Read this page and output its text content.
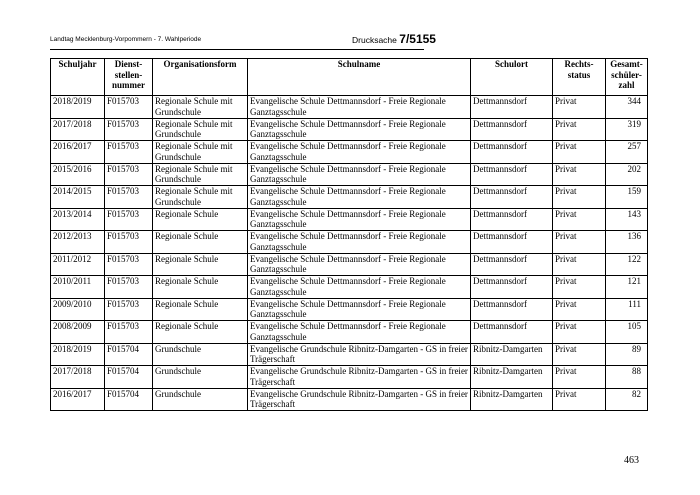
Landtag Mecklenburg-Vorpommern - 7. Wahlperiode	Drucksache 7/5155
Schuljahr	Dienst-stellen-nummer	Organisationsform	Schulname	Schulort	Rechts-status	Gesamt-schüler-zahl
2018/2019	F015703	Regionale Schule mit Grundschule	Evangelische Schule Dettmannsdorf - Freie Regionale Ganztagsschule	Dettmannsdorf	Privat	344
2017/2018	F015703	Regionale Schule mit Grundschule	Evangelische Schule Dettmannsdorf - Freie Regionale Ganztagsschule	Dettmannsdorf	Privat	319
2016/2017	F015703	Regionale Schule mit Grundschule	Evangelische Schule Dettmannsdorf - Freie Regionale Ganztagsschule	Dettmannsdorf	Privat	257
2015/2016	F015703	Regionale Schule mit Grundschule	Evangelische Schule Dettmannsdorf - Freie Regionale Ganztagsschule	Dettmannsdorf	Privat	202
2014/2015	F015703	Regionale Schule mit Grundschule	Evangelische Schule Dettmannsdorf - Freie Regionale Ganztagsschule	Dettmannsdorf	Privat	159
2013/2014	F015703	Regionale Schule	Evangelische Schule Dettmannsdorf - Freie Regionale Ganztagsschule	Dettmannsdorf	Privat	143
2012/2013	F015703	Regionale Schule	Evangelische Schule Dettmannsdorf - Freie Regionale Ganztagsschule	Dettmannsdorf	Privat	136
2011/2012	F015703	Regionale Schule	Evangelische Schule Dettmannsdorf - Freie Regionale Ganztagsschule	Dettmannsdorf	Privat	122
2010/2011	F015703	Regionale Schule	Evangelische Schule Dettmannsdorf - Freie Regionale Ganztagsschule	Dettmannsdorf	Privat	121
2009/2010	F015703	Regionale Schule	Evangelische Schule Dettmannsdorf - Freie Regionale Ganztagsschule	Dettmannsdorf	Privat	111
2008/2009	F015703	Regionale Schule	Evangelische Schule Dettmannsdorf - Freie Regionale Ganztagsschule	Dettmannsdorf	Privat	105
2018/2019	F015704	Grundschule	Evangelische Grundschule Ribnitz-Damgarten - GS in freier Trägerschaft	Ribnitz-Damgarten	Privat	89
2017/2018	F015704	Grundschule	Evangelische Grundschule Ribnitz-Damgarten - GS in freier Trägerschaft	Ribnitz-Damgarten	Privat	88
2016/2017	F015704	Grundschule	Evangelische Grundschule Ribnitz-Damgarten - GS in freier Trägerschaft	Ribnitz-Damgarten	Privat	82
463
